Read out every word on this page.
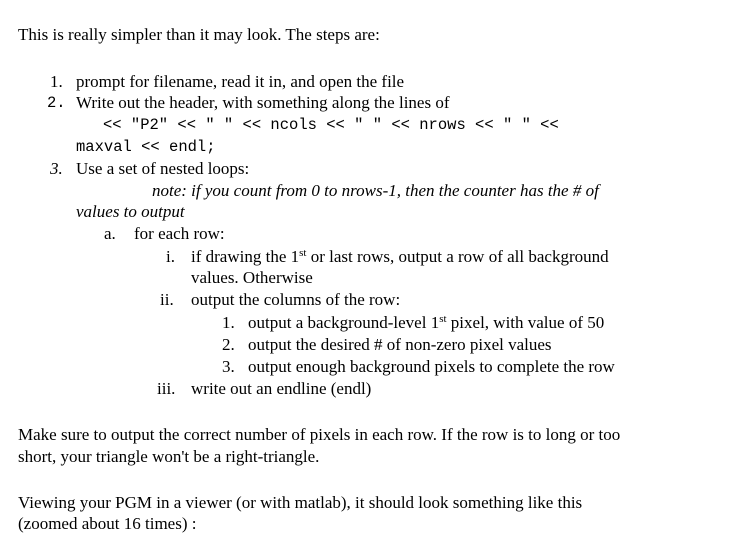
This is really simpler than it may look. The steps are:
1. prompt for filename, read it in, and open the file
2. Write out the header, with something along the lines of
<< "P2" << " " << ncols << " " << nrows << " " <<
maxval << endl;
3. Use a set of nested loops:
note: if you count from 0 to nrows-1, then the counter has the # of
values to output
a. for each row:
i. if drawing the 1st or last rows, output a row of all background
values. Otherwise
ii. output the columns of the row:
1. output a background-level 1st pixel, with value of 50
2. output the desired # of non-zero pixel values
3. output enough background pixels to complete the row
iii. write out an endline (endl)
Make sure to output the correct number of pixels in each row. If the row is to long or too
short, your triangle won't be a right-triangle.
Viewing your PGM in a viewer (or with matlab), it should look something like this
(zoomed about 16 times) :
